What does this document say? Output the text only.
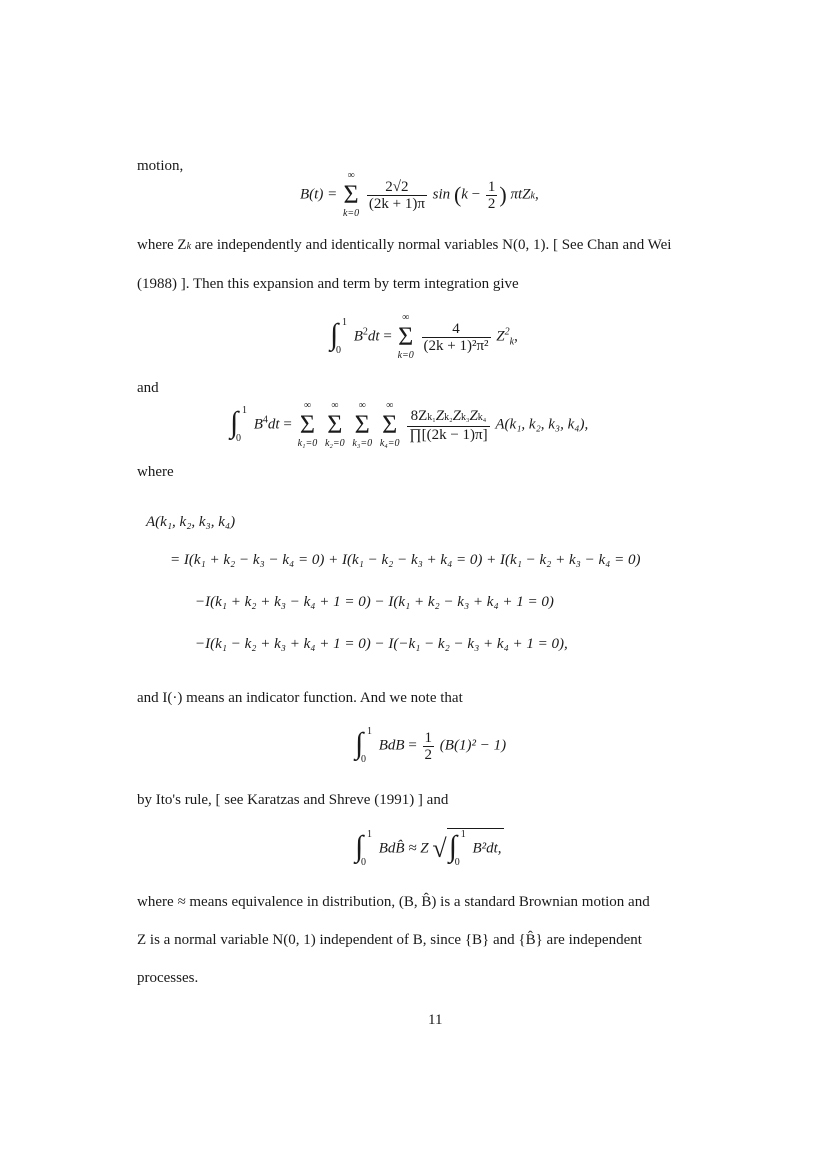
motion,
B(t) =
∞
Σ
k=0

$\frac{2√2}{(2k + 1)\pi}$ $\sin (k - \frac{1}{2}$ ) πtZk,
where Zk are independently and identically normal variables N(0, 1). [ See Chan and Wei
(1988) ]. Then this expansion and term by term integration give
∫ 1
0
$B^2dt$ =
∞
Σ
k=0

$\frac{4}{\text{(2k + 1)²π²}} Z^2_k$,
and
∫ 1
0
$B^4dt$ =
∞
Σ
k₁=0

∞
Σ
k₂=0

∞
Σ
k₃=0

∞
Σ
k₄=0

$\frac{\text{8Zk₁Zk₂Zk₃Zk₄}}{\prod[(2k - 1)\pi]} A(k_1$, k₂, k₃, k₄),
where
A(k₁, k₂, k₃, k₄)
= I(k₁ + k₂ − k₃ − k₄ = 0) + I(k₁ − k₂ − k₃ + k₄ = 0) + I(k₁ − k₂ + k₃ − k₄ = 0)
−I(k₁ + k₂ + k₃ − k₄ + 1 = 0) − I(k₁ + k₂ − k₃ + k₄ + 1 = 0)
−I(k₁ − k₂ + k₃ + k₄ + 1 = 0) − I(−k₁ − k₂ − k₃ + k₄ + 1 = 0),
and I(·) means an indicator function. And we note that
∫ 1
0
BdB = $\frac{1}{2} (B(1)^2 - 1)$
by Ito's rule, [ see Karatzas and Shreve (1991) ] and
∫ 1
0
BdB̂ ≈ Z √ ∫ 1
0
B²dt,
where ≈ means equivalence in distribution, (B, B̂) is a standard Brownian motion and
Z is a normal variable N(0, 1) independent of B, since {B} and {B̂} are independent
processes.
11
